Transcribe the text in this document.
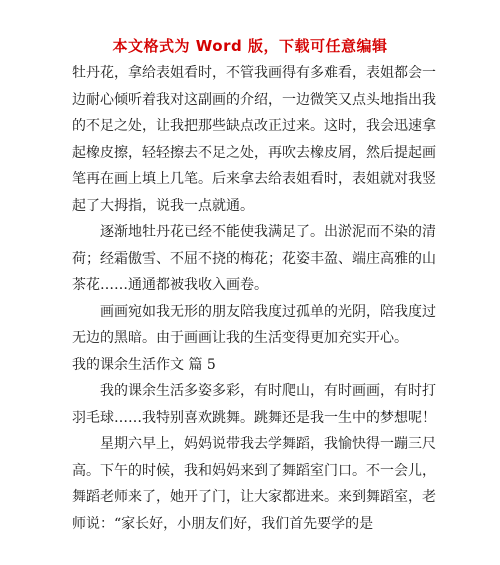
本文格式为 Word 版，下载可任意编辑

牡丹花，拿给表姐看时，不管我画得有多难看，表姐都会一边耐心倾听着我对这副画的介绍，一边微笑又点头地指出我的不足之处，让我把那些缺点改正过来。这时，我会迅速拿起橡皮擦，轻轻擦去不足之处，再吹去橡皮屑，然后提起画笔再在画上填上几笔。后来拿去给表姐看时，表姐就对我竖起了大拇指，说我一点就通。

逐渐地牡丹花已经不能使我满足了。出淤泥而不染的清荷；经霜傲雪、不屈不挠的梅花；花姿丰盈、端庄高雅的山茶花……通通都被我收入画卷。

画画宛如我无形的朋友陪我度过孤单的光阴，陪我度过无边的黑暗。由于画画让我的生活变得更加充实开心。

我的课余生活作文 篇 5

我的课余生活多姿多彩，有时爬山，有时画画，有时打羽毛球……我特别喜欢跳舞。跳舞还是我一生中的梦想呢！

星期六早上，妈妈说带我去学舞蹈，我愉快得一蹦三尺高。下午的时候，我和妈妈来到了舞蹈室门口。不一会儿，舞蹈老师来了，她开了门，让大家都进来。来到舞蹈室，老师说：“家长好，小朋友们好，我们首先要学的是
